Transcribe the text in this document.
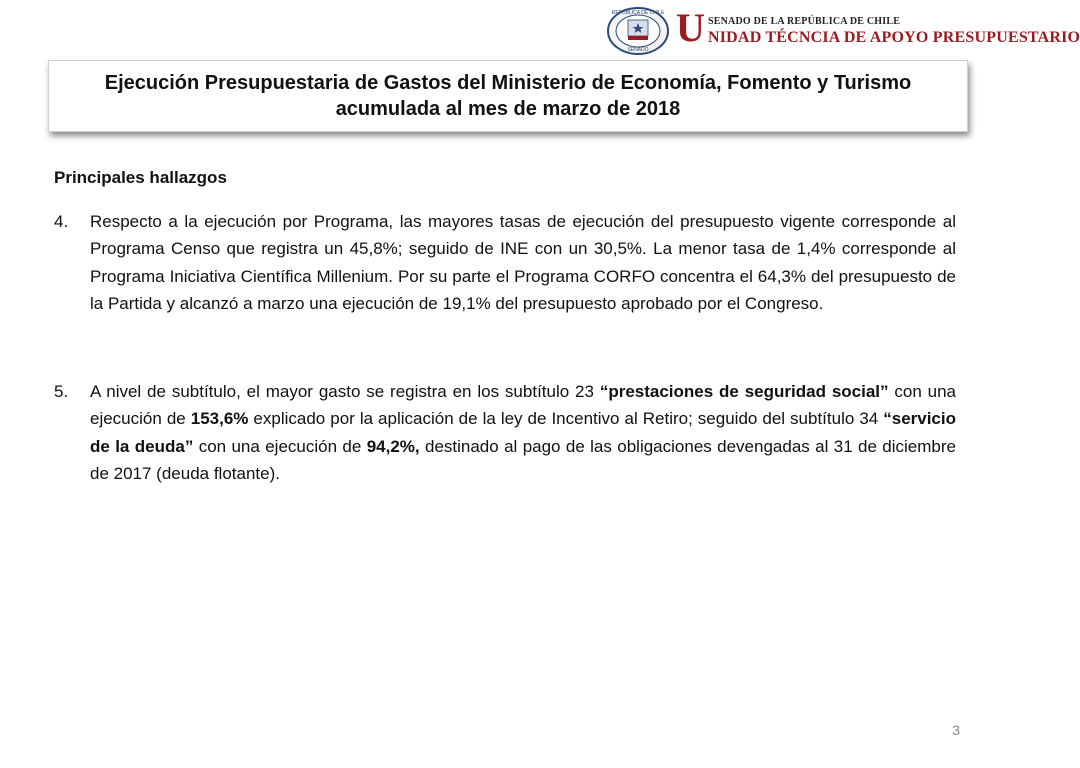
REPÚBLICA DE CHILE
SENADO U SENADO DE LA REPÚBLICA DE CHILE
NIDAD TÉCNCIA DE APOYO PRESUPUESTARIO
Ejecución Presupuestaria de Gastos del Ministerio de Economía, Fomento y Turismo
acumulada al mes de marzo de 2018
Principales hallazgos
4. Respecto a la ejecución por Programa, las mayores tasas de ejecución del presupuesto vigente corresponde al Programa Censo que registra un 45,8%; seguido de INE con un 30,5%. La menor tasa de 1,4% corresponde al Programa Iniciativa Científica Millenium. Por su parte el Programa CORFO concentra el 64,3% del presupuesto de la Partida y alcanzó a marzo una ejecución de 19,1% del presupuesto aprobado por el Congreso.
5. A nivel de subtítulo, el mayor gasto se registra en los subtítulo 23 “prestaciones de seguridad social” con una ejecución de 153,6% explicado por la aplicación de la ley de Incentivo al Retiro; seguido del subtítulo 34 “servicio de la deuda” con una ejecución de 94,2%, destinado al pago de las obligaciones devengadas al 31 de diciembre de 2017 (deuda flotante).
3
